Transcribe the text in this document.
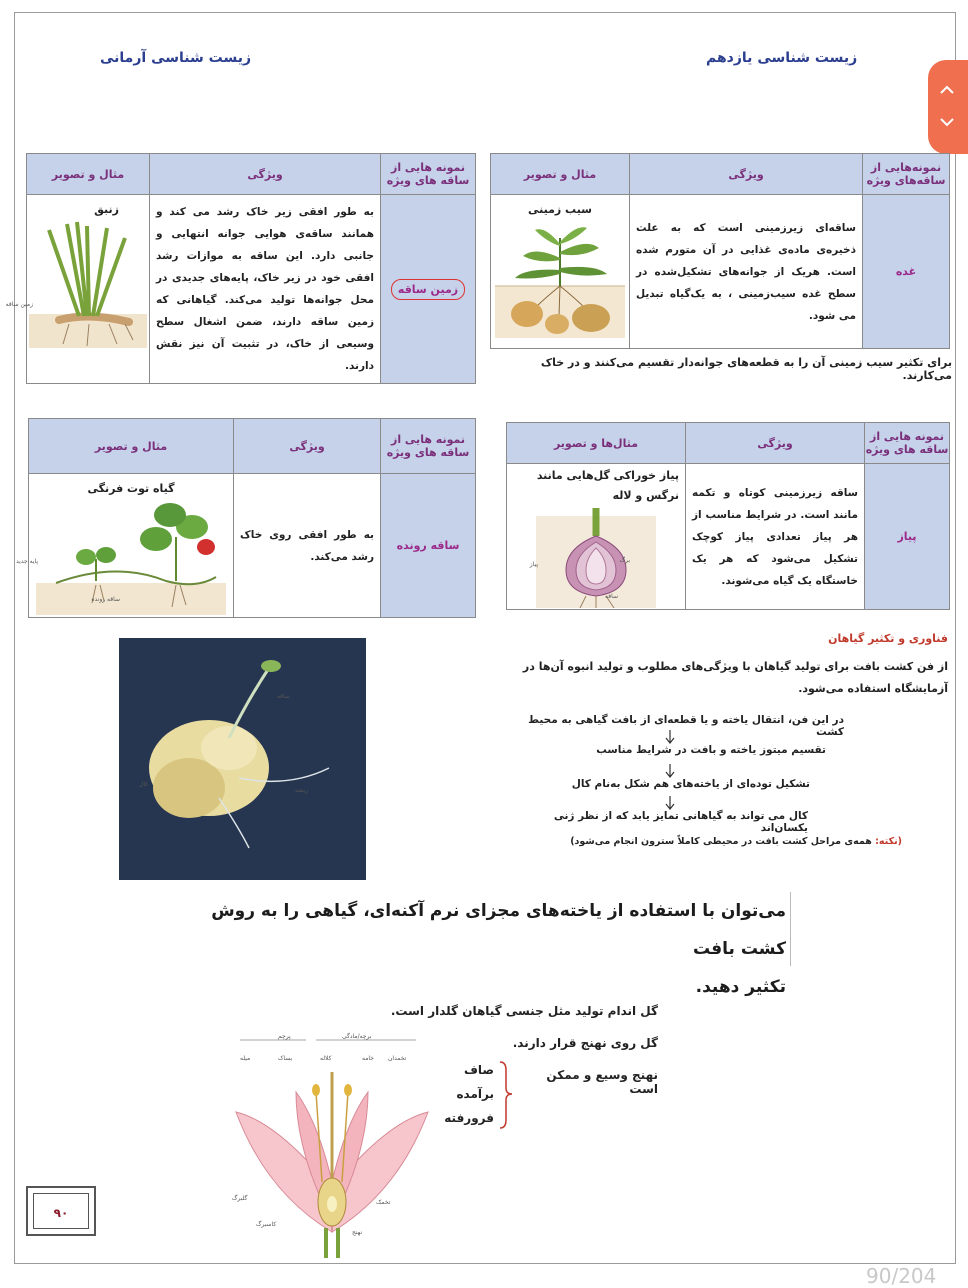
زیست شناسی یازدهم
زیست شناسی آرمانی
نمونه‌هایی از ساقه‌های ویژه	ویژگی	مثال و تصویر
غده	ساقه‌ای زیرزمینی است که به علت ذخیره‌ی ماده‌ی غذایی در آن متورم شده است. هریک از جوانه‌های تشکیل‌شده در سطح غده سیب‌زمینی ، به یک‌گیاه تبدیل می شود.	سیب زمینی
برای تکثیر سیب زمینی آن را به قطعه‌های جوانه‌دار تقسیم می‌کنند و در خاک می‌کارند.
نمونه هایی از ساقه های ویژه	ویژگی	مثال و تصویر
زمین ساقه	به طور افقی زیر خاک رشد می کند و همانند ساقه‌ی هوایی جوانه انتهایی و جانبی دارد. این ساقه به موازات رشد افقی خود در زیر خاک، پایه‌های جدیدی در محل جوانه‌ها تولید می‌کند. گیاهانی که زمین ساقه دارند، ضمن اشغال سطح وسیعی از خاک، در تثبیت آن نیز نقش دارند.	زنبق
زمین ساقه
نمونه هایی از ساقه های ویژه	ویژگی	مثال‌ها و تصویر
پیاز	ساقه زیرزمینی کوتاه و تکمه مانند است. در شرایط مناسب از هر پیاز تعدادی پیاز کوچک تشکیل می‌شود که هر یک خاستگاه یک گیاه می‌شوند.	پیاز خوراکی گل‌هایی مانند نرگس و لاله
پیاز
برگ
ساقه
نمونه هایی از ساقه های ویژه	ویژگی	مثال و تصویر
ساقه رونده	به طور افقی روی خاک رشد می‌کند.	گیاه توت فرنگی
پایه جدید
ساقه رونده
ساقه
کال
ریشه
فناوری و تکثیر گیاهان
از فن کشت بافت برای تولید گیاهان با ویژگی‌های مطلوب و تولید انبوه آن‌ها در آزمایشگاه استفاده می‌شود.
در این فن، انتقال یاخته و یا قطعه‌ای از بافت گیاهی به محیط کشت
تقسیم میتوز یاخته و بافت در شرایط مناسب
تشکیل توده‌ای از یاخته‌های هم شکل به‌نام کال
کال می تواند به گیاهانی تمایز یابد که از نظر ژنی یکسان‌اند
(نکته: همه‌ی مراحل کشت بافت در محیطی کاملاً سترون انجام می‌شود)
می‌توان با استفاده از یاخته‌های مجزای نرم آکنه‌ای، گیاهی را به روش کشت بافت
تکثیر دهید.
گل اندام تولید مثل جنسی گیاهان گلدار است.
گل روی نهنج قرار دارند.
نهنج وسیع و ممکن است
صاف
برآمده
فرورفته
پرچم	برچه/مادگی
میله	بساک	کلاله	خامه تخمدان
گلبرگ
کاسبرگ
تخمک
نهنج
۹۰
90/204
